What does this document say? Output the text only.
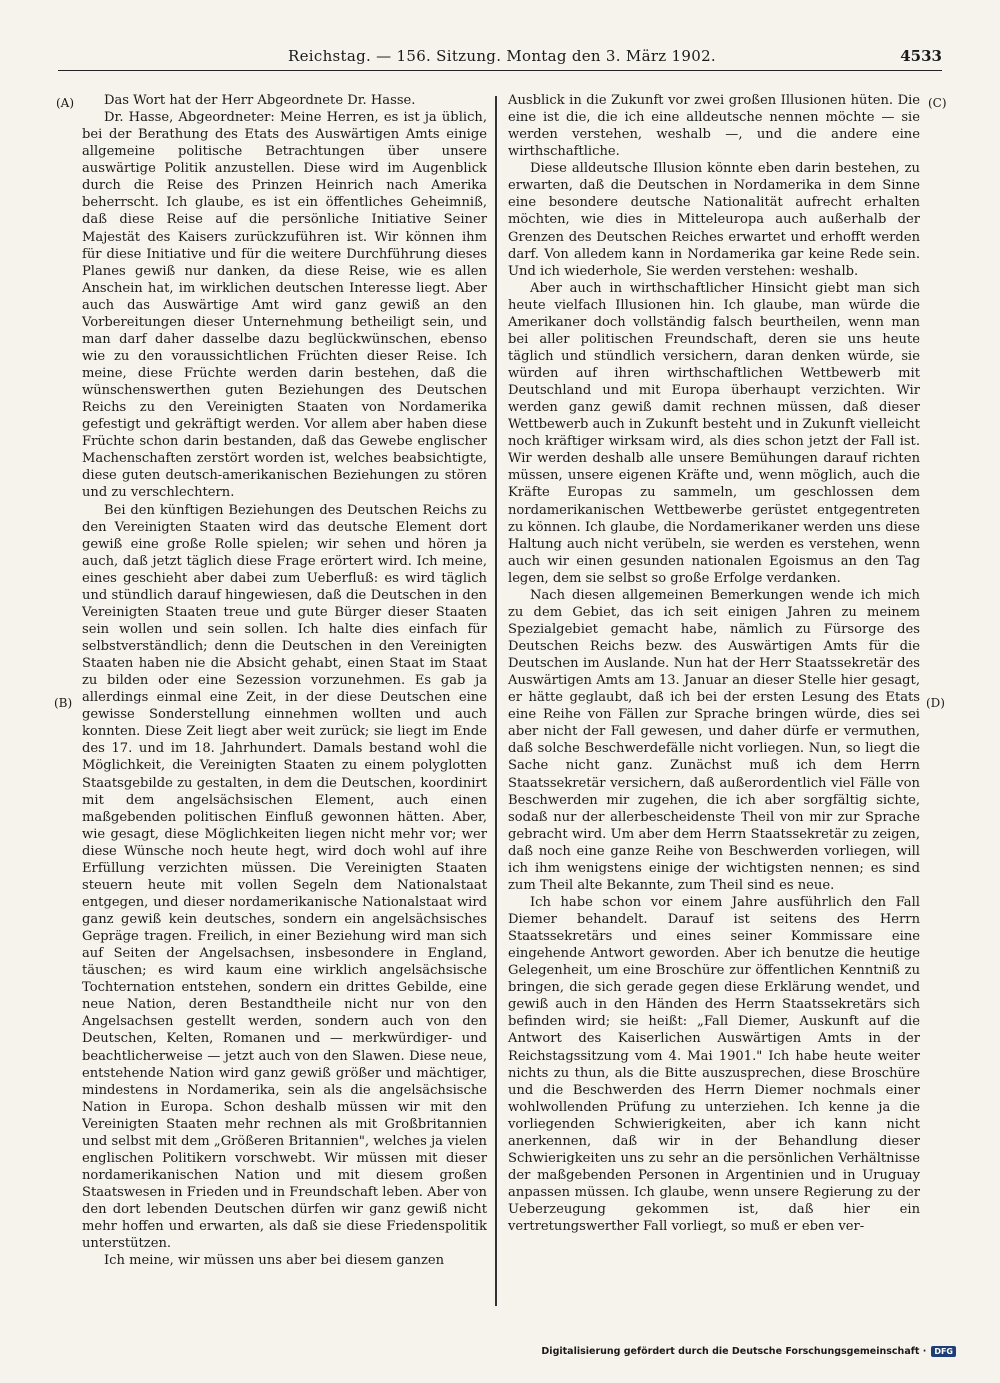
Reichstag. — 156. Sitzung. Montag den 3. März 1902.	4533
(A)
(B)
(C)
(D)

Das Wort hat der Herr Abgeordnete Dr. Hasse.

Dr. Hasse, Abgeordneter: Meine Herren, es ist ja üblich, bei der Berathung des Etats des Auswärtigen Amts einige allgemeine politische Betrachtungen über unsere auswärtige Politik anzustellen. Diese wird im Augenblick durch die Reise des Prinzen Heinrich nach Amerika beherrscht. Ich glaube, es ist ein öffentliches Geheimniß, daß diese Reise auf die persönliche Initiative Seiner Majestät des Kaisers zurückzuführen ist. Wir können ihm für diese Initiative und für die weitere Durchführung dieses Planes gewiß nur danken, da diese Reise, wie es allen Anschein hat, im wirklichen deutschen Interesse liegt. Aber auch das Auswärtige Amt wird ganz gewiß an den Vorbereitungen dieser Unternehmung betheiligt sein, und man darf daher dasselbe dazu beglückwünschen, ebenso wie zu den voraussichtlichen Früchten dieser Reise. Ich meine, diese Früchte werden darin bestehen, daß die wünschenswerthen guten Beziehungen des Deutschen Reichs zu den Vereinigten Staaten von Nordamerika gefestigt und gekräftigt werden. Vor allem aber haben diese Früchte schon darin bestanden, daß das Gewebe englischer Machenschaften zerstört worden ist, welches beabsichtigte, diese guten deutsch-amerikanischen Beziehungen zu stören und zu verschlechtern.

Bei den künftigen Beziehungen des Deutschen Reichs zu den Vereinigten Staaten wird das deutsche Element dort gewiß eine große Rolle spielen; wir sehen und hören ja auch, daß jetzt täglich diese Frage erörtert wird. Ich meine, eines geschieht aber dabei zum Ueberfluß: es wird täglich und stündlich darauf hingewiesen, daß die Deutschen in den Vereinigten Staaten treue und gute Bürger dieser Staaten sein wollen und sein sollen. Ich halte dies einfach für selbstverständlich; denn die Deutschen in den Vereinigten Staaten haben nie die Absicht gehabt, einen Staat im Staat zu bilden oder eine Sezession vorzunehmen. Es gab ja allerdings einmal eine Zeit, in der diese Deutschen eine gewisse Sonderstellung einnehmen wollten und auch konnten. Diese Zeit liegt aber weit zurück; sie liegt im Ende des 17. und im 18. Jahrhundert. Damals bestand wohl die Möglichkeit, die Vereinigten Staaten zu einem polyglotten Staatsgebilde zu gestalten, in dem die Deutschen, koordinirt mit dem angelsächsischen Element, auch einen maßgebenden politischen Einfluß gewonnen hätten. Aber, wie gesagt, diese Möglichkeiten liegen nicht mehr vor; wer diese Wünsche noch heute hegt, wird doch wohl auf ihre Erfüllung verzichten müssen. Die Vereinigten Staaten steuern heute mit vollen Segeln dem Nationalstaat entgegen, und dieser nordamerikanische Nationalstaat wird ganz gewiß kein deutsches, sondern ein angelsächsisches Gepräge tragen. Freilich, in einer Beziehung wird man sich auf Seiten der Angelsachsen, insbesondere in England, täuschen; es wird kaum eine wirklich angelsächsische Tochternation entstehen, sondern ein drittes Gebilde, eine neue Nation, deren Bestandtheile nicht nur von den Angelsachsen gestellt werden, sondern auch von den Deutschen, Kelten, Romanen und — merkwürdiger- und beachtlicherweise — jetzt auch von den Slawen. Diese neue, entstehende Nation wird ganz gewiß größer und mächtiger, mindestens in Nordamerika, sein als die angelsächsische Nation in Europa. Schon deshalb müssen wir mit den Vereinigten Staaten mehr rechnen als mit Großbritannien und selbst mit dem „Größeren Britannien", welches ja vielen englischen Politikern vorschwebt. Wir müssen mit dieser nordamerikanischen Nation und mit diesem großen Staatswesen in Frieden und in Freundschaft leben. Aber von den dort lebenden Deutschen dürfen wir ganz gewiß nicht mehr hoffen und erwarten, als daß sie diese Friedenspolitik unterstützen.

Ich meine, wir müssen uns aber bei diesem ganzen

Ausblick in die Zukunft vor zwei großen Illusionen hüten. Die eine ist die, die ich eine alldeutsche nennen möchte — sie werden verstehen, weshalb —, und die andere eine wirthschaftliche.

Diese alldeutsche Illusion könnte eben darin bestehen, zu erwarten, daß die Deutschen in Nordamerika in dem Sinne eine besondere deutsche Nationalität aufrecht erhalten möchten, wie dies in Mitteleuropa auch außerhalb der Grenzen des Deutschen Reiches erwartet und erhofft werden darf. Von alledem kann in Nordamerika gar keine Rede sein. Und ich wiederhole, Sie werden verstehen: weshalb.

Aber auch in wirthschaftlicher Hinsicht giebt man sich heute vielfach Illusionen hin. Ich glaube, man würde die Amerikaner doch vollständig falsch beurtheilen, wenn man bei aller politischen Freundschaft, deren sie uns heute täglich und stündlich versichern, daran denken würde, sie würden auf ihren wirthschaftlichen Wettbewerb mit Deutschland und mit Europa überhaupt verzichten. Wir werden ganz gewiß damit rechnen müssen, daß dieser Wettbewerb auch in Zukunft besteht und in Zukunft vielleicht noch kräftiger wirksam wird, als dies schon jetzt der Fall ist. Wir werden deshalb alle unsere Bemühungen darauf richten müssen, unsere eigenen Kräfte und, wenn möglich, auch die Kräfte Europas zu sammeln, um geschlossen dem nordamerikanischen Wettbewerbe gerüstet entgegentreten zu können. Ich glaube, die Nordamerikaner werden uns diese Haltung auch nicht verübeln, sie werden es verstehen, wenn auch wir einen gesunden nationalen Egoismus an den Tag legen, dem sie selbst so große Erfolge verdanken.

Nach diesen allgemeinen Bemerkungen wende ich mich zu dem Gebiet, das ich seit einigen Jahren zu meinem Spezialgebiet gemacht habe, nämlich zu Fürsorge des Deutschen Reichs bezw. des Auswärtigen Amts für die Deutschen im Auslande. Nun hat der Herr Staatssekretär des Auswärtigen Amts am 13. Januar an dieser Stelle hier gesagt, er hätte geglaubt, daß ich bei der ersten Lesung des Etats eine Reihe von Fällen zur Sprache bringen würde, dies sei aber nicht der Fall gewesen, und daher dürfe er vermuthen, daß solche Beschwerdefälle nicht vorliegen. Nun, so liegt die Sache nicht ganz. Zunächst muß ich dem Herrn Staatssekretär versichern, daß außerordentlich viel Fälle von Beschwerden mir zugehen, die ich aber sorgfältig sichte, sodaß nur der allerbescheidenste Theil von mir zur Sprache gebracht wird. Um aber dem Herrn Staatssekretär zu zeigen, daß noch eine ganze Reihe von Beschwerden vorliegen, will ich ihm wenigstens einige der wichtigsten nennen; es sind zum Theil alte Bekannte, zum Theil sind es neue.

Ich habe schon vor einem Jahre ausführlich den Fall Diemer behandelt. Darauf ist seitens des Herrn Staatssekretärs und eines seiner Kommissare eine eingehende Antwort geworden. Aber ich benutze die heutige Gelegenheit, um eine Broschüre zur öffentlichen Kenntniß zu bringen, die sich gerade gegen diese Erklärung wendet, und gewiß auch in den Händen des Herrn Staatssekretärs sich befinden wird; sie heißt: „Fall Diemer, Auskunft auf die Antwort des Kaiserlichen Auswärtigen Amts in der Reichstagssitzung vom 4. Mai 1901." Ich habe heute weiter nichts zu thun, als die Bitte auszusprechen, diese Broschüre und die Beschwerden des Herrn Diemer nochmals einer wohlwollenden Prüfung zu unterziehen. Ich kenne ja die vorliegenden Schwierigkeiten, aber ich kann nicht anerkennen, daß wir in der Behandlung dieser Schwierigkeiten uns zu sehr an die persönlichen Verhältnisse der maßgebenden Personen in Argentinien und in Uruguay anpassen müssen. Ich glaube, wenn unsere Regierung zu der Ueberzeugung gekommen ist, daß hier ein vertretungswerther Fall vorliegt, so muß er eben ver-

Digitalisierung gefördert durch die Deutsche Forschungsgemeinschaft ·	DFG
